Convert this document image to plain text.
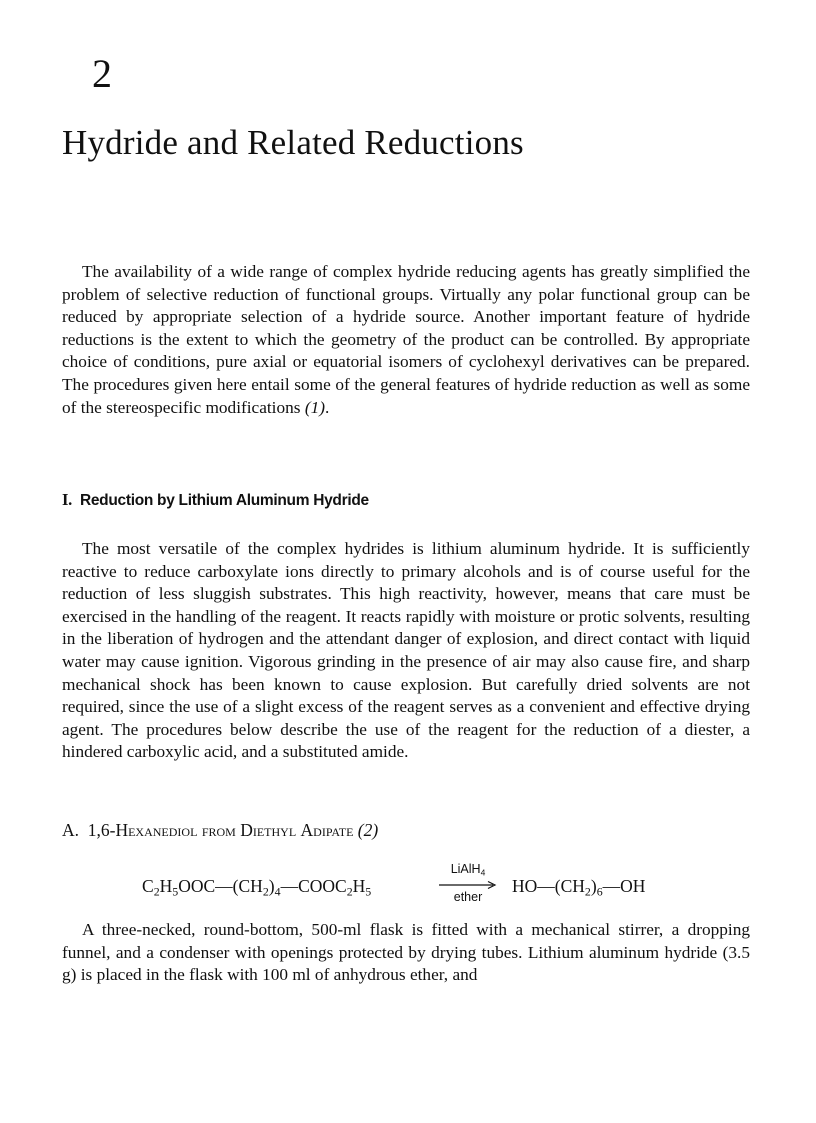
2
Hydride and Related Reductions

The availability of a wide range of complex hydride reducing agents has greatly simplified the problem of selective reduction of functional groups. Virtually any polar functional group can be reduced by appropriate selection of a hydride source. Another important feature of hydride reductions is the extent to which the geometry of the product can be controlled. By appropriate choice of conditions, pure axial or equatorial isomers of cyclohexyl derivatives can be prepared. The procedures given here entail some of the general features of hydride reduction as well as some of the stereospecific modifications (1).

I. Reduction by Lithium Aluminum Hydride

The most versatile of the complex hydrides is lithium aluminum hydride. It is sufficiently reactive to reduce carboxylate ions directly to primary alcohols and is of course useful for the reduction of less sluggish substrates. This high reactivity, however, means that care must be exercised in the handling of the reagent. It reacts rapidly with moisture or protic solvents, resulting in the liberation of hydrogen and the attendant danger of explosion, and direct contact with liquid water may cause ignition. Vigorous grinding in the presence of air may also cause fire, and sharp mechanical shock has been known to cause explosion. But carefully dried solvents are not required, since the use of a slight excess of the reagent serves as a convenient and effective drying agent. The procedures below describe the use of the reagent for the reduction of a diester, a hindered carboxylic acid, and a substituted amide.

A. 1,6-Hexanediol from Diethyl Adipate (2)
$C_2H_5OOC—(CH_2)_4—COOC_2H_5$
LiAlH$_4$
ether
$HO—(CH_2)_6—OH$

A three-necked, round-bottom, 500-ml flask is fitted with a mechanical stirrer, a dropping funnel, and a condenser with openings protected by drying tubes. Lithium aluminum hydride (3.5 g) is placed in the flask with 100 ml of anhydrous ether, and
